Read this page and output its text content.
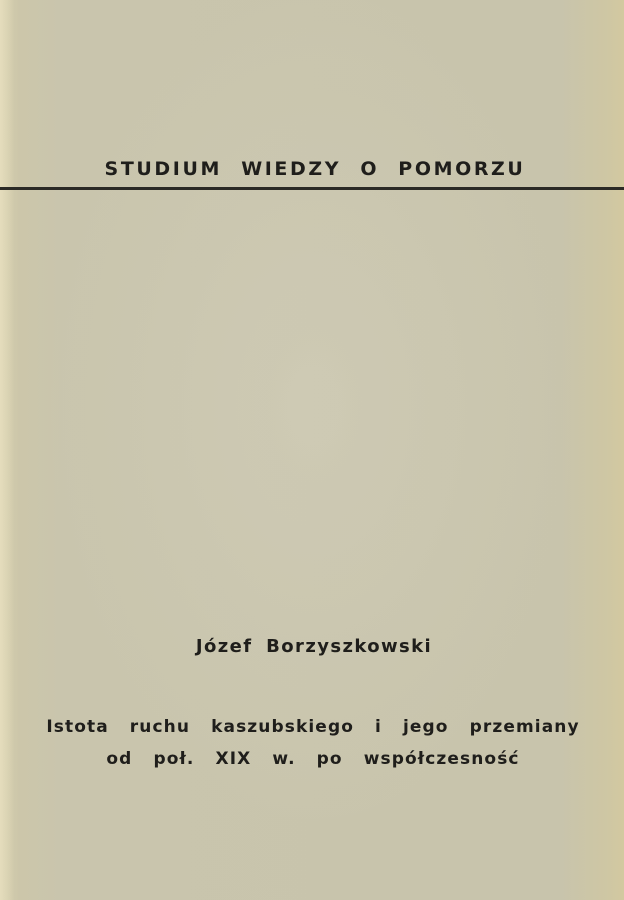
STUDIUM WIEDZY O POMORZU
Józef Borzyszkowski
Istota ruchu kaszubskiego i jego przemiany
od poł. XIX w. po współczesność
